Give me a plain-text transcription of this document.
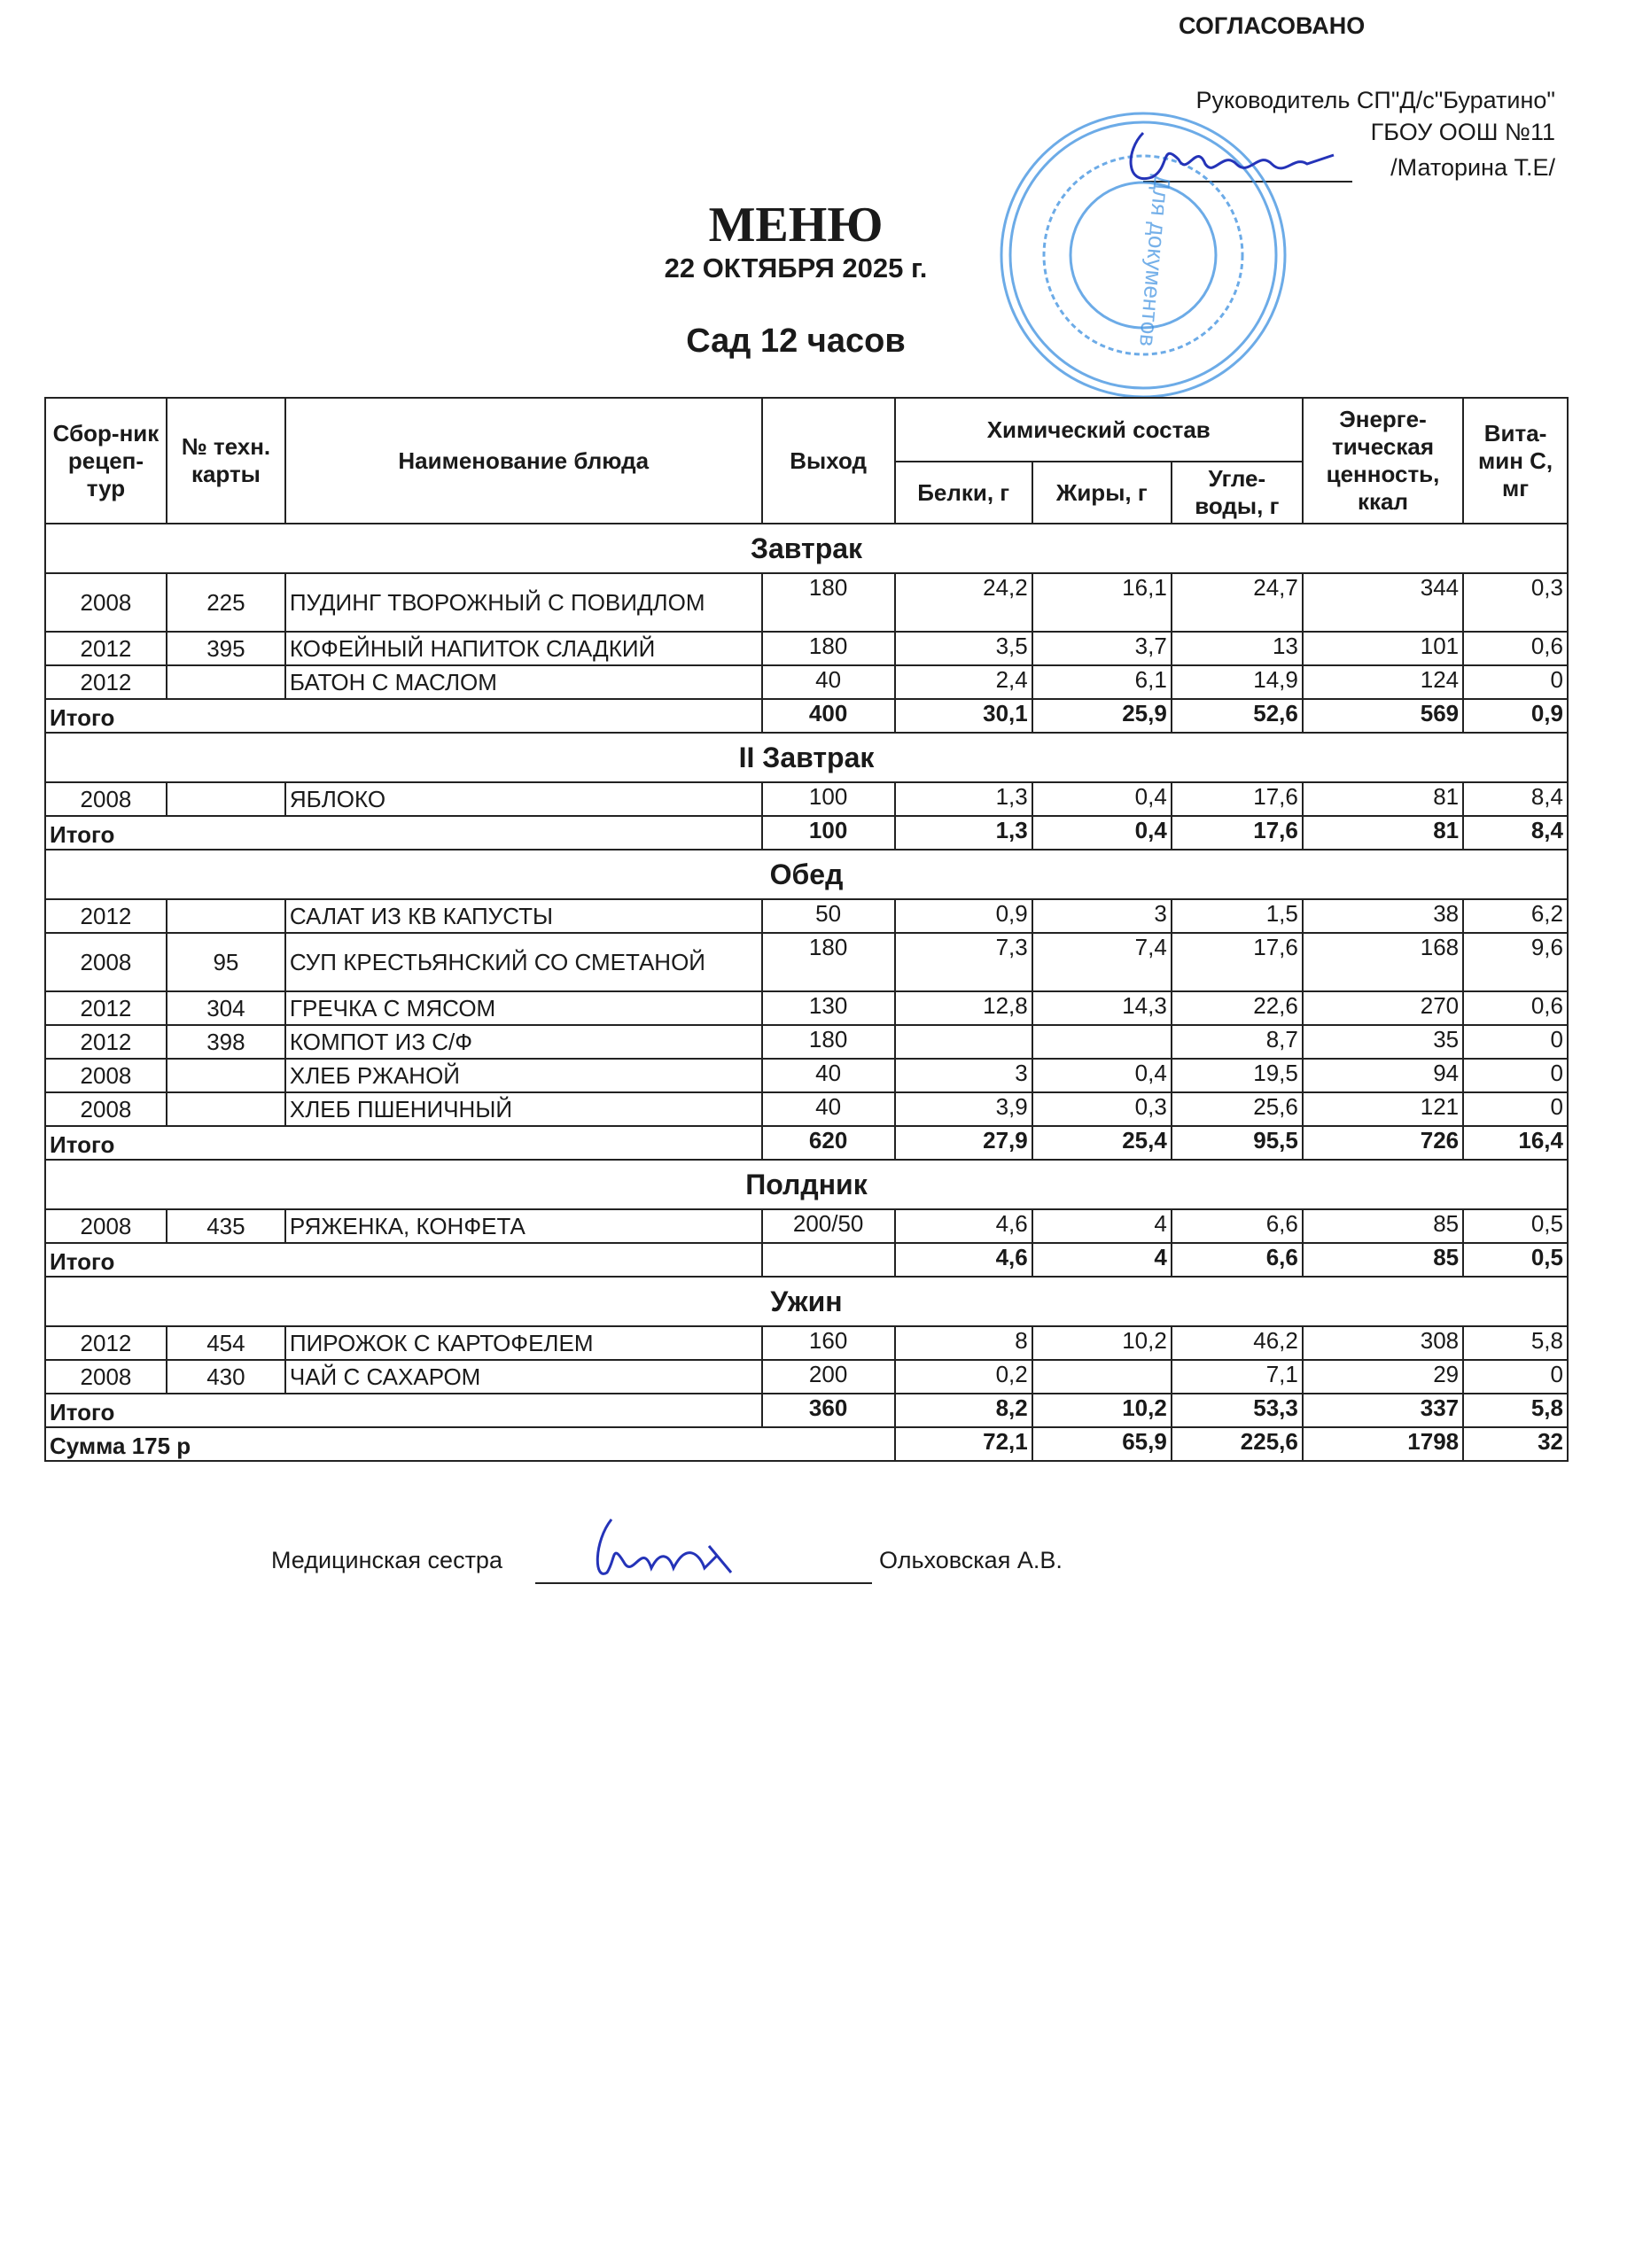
СОГЛАСОВАНО
Руководитель СП"Д/с"Буратино"
ГБОУ ООШ №11
/Маторина Т.Е/
Для документов
МЕНЮ
22 ОКТЯБРЯ 2025 г.
Сад 12 часов
Сбор-ник рецеп-тур	№ техн. карты	Наименование блюда	Выход	Химический состав			Энерге-тическая ценность, ккал	Вита-мин С, мг
				Белки, г	Жиры, г	Угле-воды, г		
Завтрак								
2008	225	ПУДИНГ ТВОРОЖНЫЙ С ПОВИДЛОМ	180	24,2	16,1	24,7	344	0,3
2012	395	КОФЕЙНЫЙ НАПИТОК СЛАДКИЙ	180	3,5	3,7	13	101	0,6
2012		БАТОН С МАСЛОМ	40	2,4	6,1	14,9	124	0
Итого			400	30,1	25,9	52,6	569	0,9
II Завтрак								
2008		ЯБЛОКО	100	1,3	0,4	17,6	81	8,4
Итого			100	1,3	0,4	17,6	81	8,4
Обед								
2012		САЛАТ ИЗ КВ КАПУСТЫ	50	0,9	3	1,5	38	6,2
2008	95	СУП КРЕСТЬЯНСКИЙ СО СМЕТАНОЙ	180	7,3	7,4	17,6	168	9,6
2012	304	ГРЕЧКА С МЯСОМ	130	12,8	14,3	22,6	270	0,6
2012	398	КОМПОТ ИЗ С/Ф	180			8,7	35	0
2008		ХЛЕБ РЖАНОЙ	40	3	0,4	19,5	94	0
2008		ХЛЕБ ПШЕНИЧНЫЙ	40	3,9	0,3	25,6	121	0
Итого			620	27,9	25,4	95,5	726	16,4
Полдник								
2008	435	РЯЖЕНКА, КОНФЕТА	200/50	4,6	4	6,6	85	0,5
Итого				4,6	4	6,6	85	0,5
Ужин								
2012	454	ПИРОЖОК С КАРТОФЕЛЕМ	160	8	10,2	46,2	308	5,8
2008	430	ЧАЙ С САХАРОМ	200	0,2		7,1	29	0
Итого			360	8,2	10,2	53,3	337	5,8
Сумма 175 р				72,1	65,9	225,6	1798	32
Медицинская сестра	Ольховская А.В.
